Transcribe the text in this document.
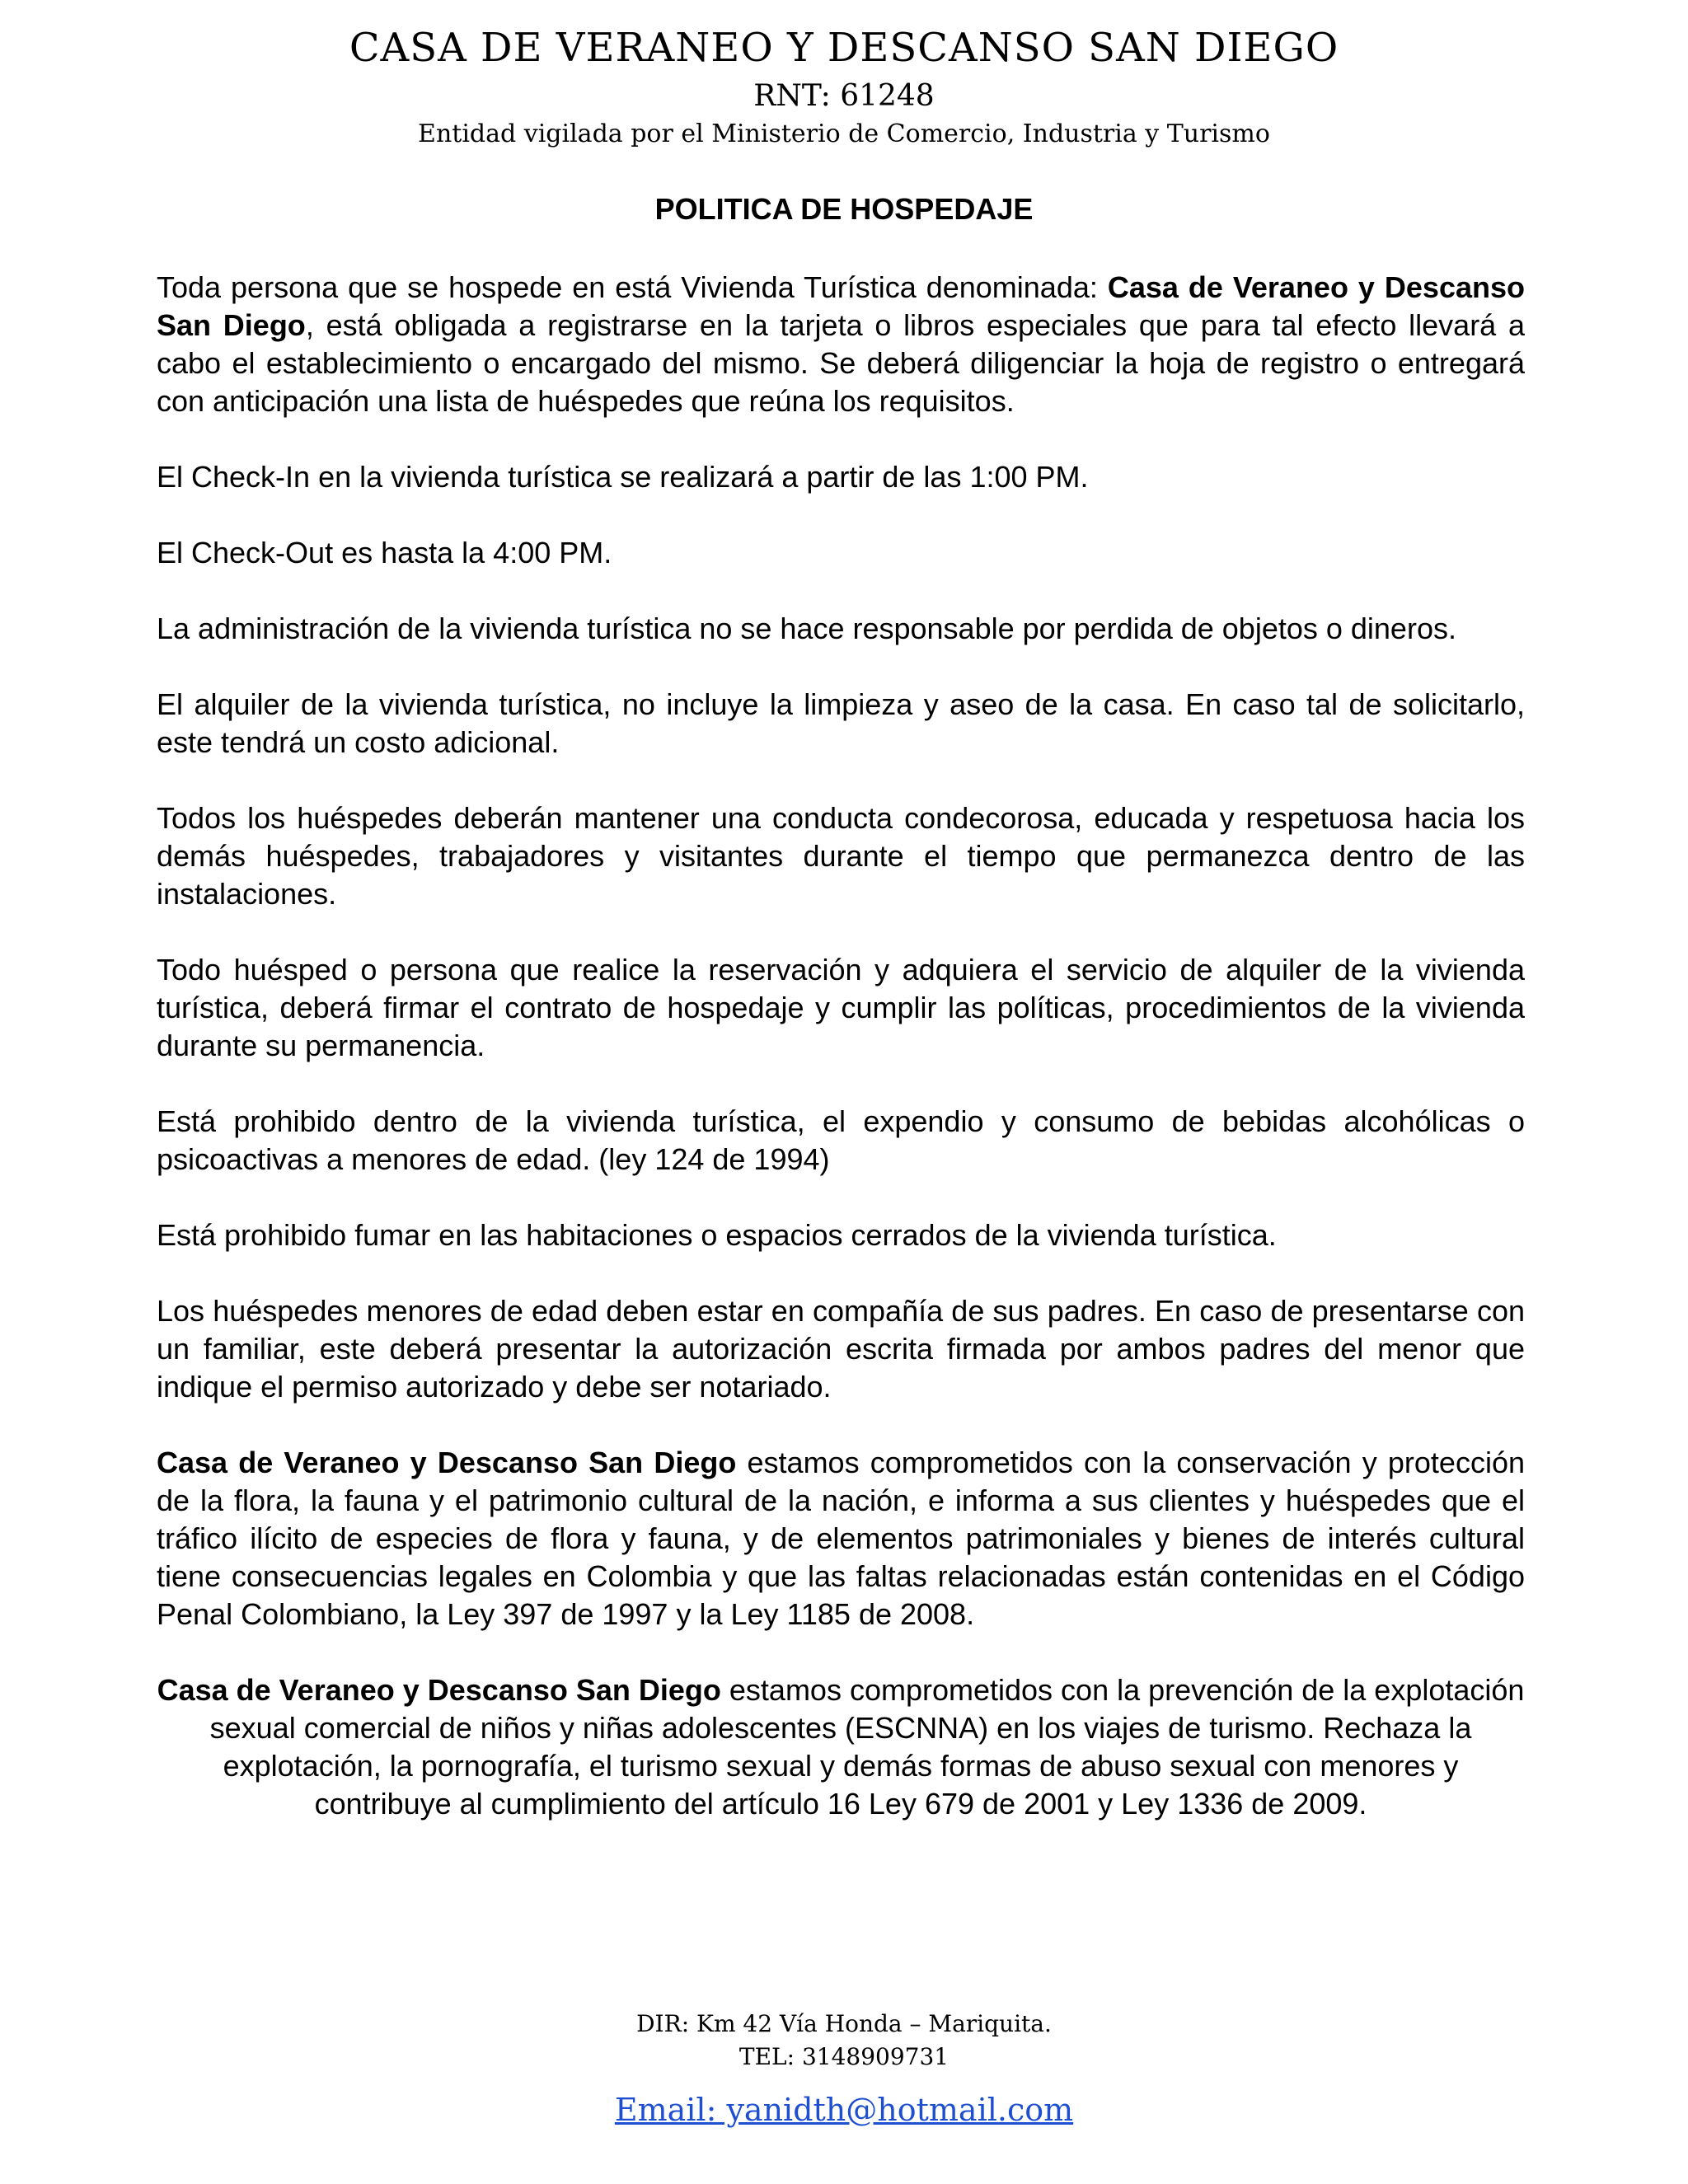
CASA DE VERANEO Y DESCANSO SAN DIEGO
RNT: 61248
Entidad vigilada por el Ministerio de Comercio, Industria y Turismo
POLITICA DE HOSPEDAJE

Toda persona que se hospede en está Vivienda Turística denominada: Casa de Veraneo y Descanso San Diego, está obligada a registrarse en la tarjeta o libros especiales que para tal efecto llevará a cabo el establecimiento o encargado del mismo. Se deberá diligenciar la hoja de registro o entregará con anticipación una lista de huéspedes que reúna los requisitos.

El Check-In en la vivienda turística se realizará a partir de las 1:00 PM.

El Check-Out es hasta la 4:00 PM.

La administración de la vivienda turística no se hace responsable por perdida de objetos o dineros.

El alquiler de la vivienda turística, no incluye la limpieza y aseo de la casa. En caso tal de solicitarlo, este tendrá un costo adicional.

Todos los huéspedes deberán mantener una conducta condecorosa, educada y respetuosa hacia los demás huéspedes, trabajadores y visitantes durante el tiempo que permanezca dentro de las instalaciones.

Todo huésped o persona que realice la reservación y adquiera el servicio de alquiler de la vivienda turística, deberá firmar el contrato de hospedaje y cumplir las políticas, procedimientos de la vivienda durante su permanencia.

Está prohibido dentro de la vivienda turística, el expendio y consumo de bebidas alcohólicas o psicoactivas a menores de edad. (ley 124 de 1994)

Está prohibido fumar en las habitaciones o espacios cerrados de la vivienda turística.

Los huéspedes menores de edad deben estar en compañía de sus padres. En caso de presentarse con un familiar, este deberá presentar la autorización escrita firmada por ambos padres del menor que indique el permiso autorizado y debe ser notariado.

Casa de Veraneo y Descanso San Diego estamos comprometidos con la conservación y protección de la flora, la fauna y el patrimonio cultural de la nación, e informa a sus clientes y huéspedes que el tráfico ilícito de especies de flora y fauna, y de elementos patrimoniales y bienes de interés cultural tiene consecuencias legales en Colombia y que las faltas relacionadas están contenidas en el Código Penal Colombiano, la Ley 397 de 1997 y la Ley 1185 de 2008.

Casa de Veraneo y Descanso San Diego estamos comprometidos con la prevención de la explotación sexual comercial de niños y niñas adolescentes (ESCNNA) en los viajes de turismo. Rechaza la explotación, la pornografía, el turismo sexual y demás formas de abuso sexual con menores y contribuye al cumplimiento del artículo 16 Ley 679 de 2001 y Ley 1336 de 2009.

DIR: Km 42 Vía Honda – Mariquita.
TEL: 3148909731
Email: yanidth@hotmail.com
